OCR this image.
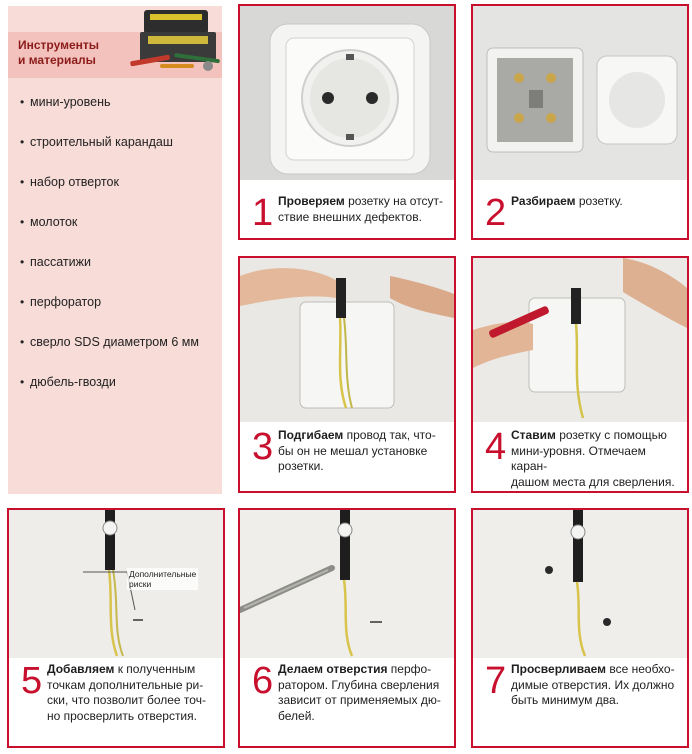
Инструменты
и материалы
• мини-уровень
• строительный карандаш
• набор отверток
• молоток
• пассатижи
• перфоратор
• сверло SDS диаметром 6 мм
• дюбель-гвозди
1 Проверяем розетку на отсут-
ствие внешних дефектов.	2 Разбираем розетку.
3 Подгибаем провод так, что-
бы он не мешал установке
розетки.	4 Ставим розетку с помощью
мини-уровня. Отмечаем каран-
дашом места для сверления.
Дополнительные
риски
5 Добавляем к полученным
точкам дополнительные ри-
ски, что позволит более точ-
но просверлить отверстия.
6 Делаем отверстия перфо-
ратором. Глубина сверления
зависит от применяемых дю-
белей.
7 Просверливаем все необхо-
димые отверстия. Их должно
быть минимум два.
